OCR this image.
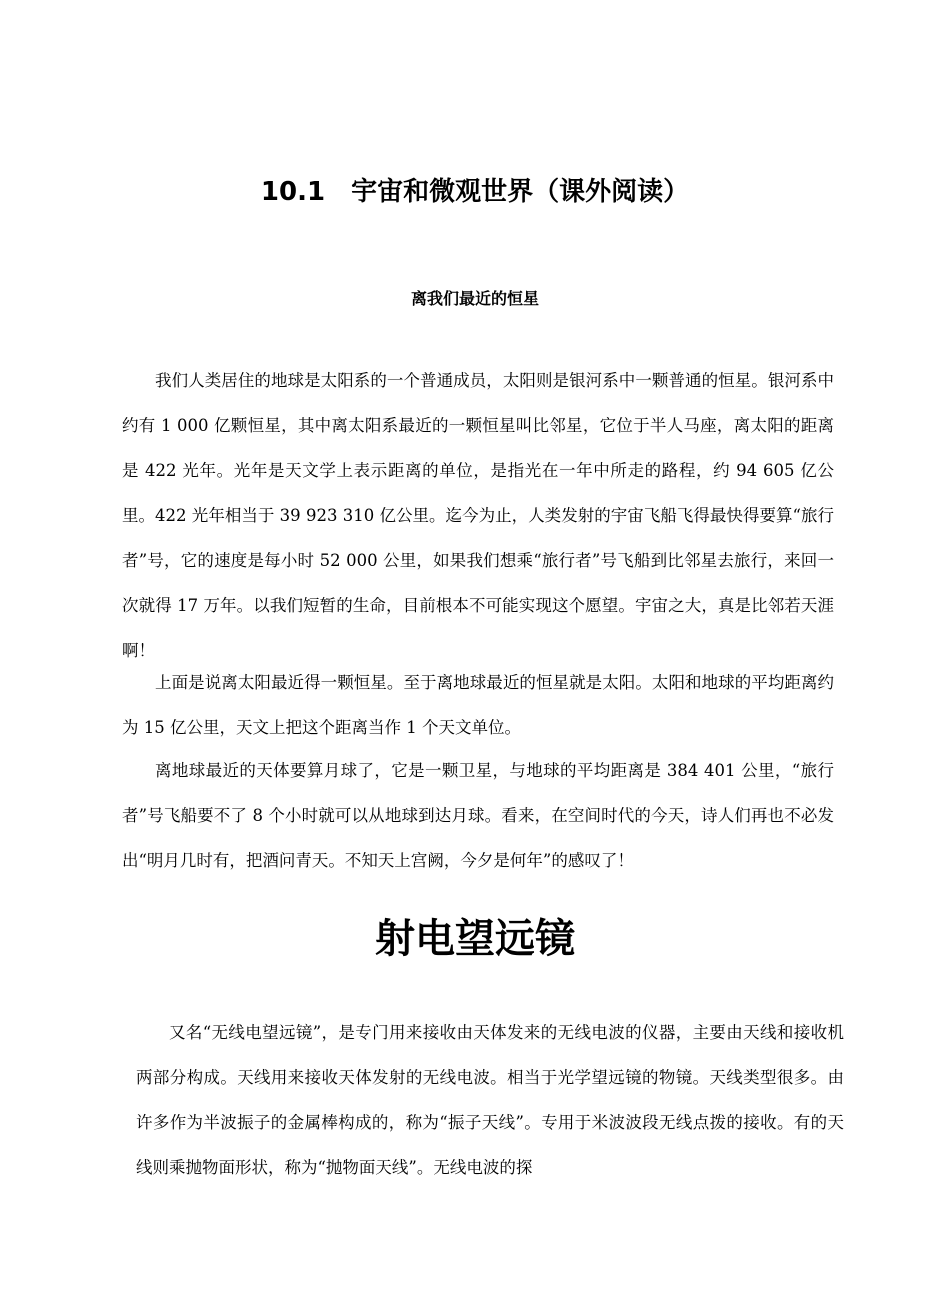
10.1　宇宙和微观世界（课外阅读）
离我们最近的恒星

我们人类居住的地球是太阳系的一个普通成员，太阳则是银河系中一颗普通的恒星。银河系中约有 1 000 亿颗恒星，其中离太阳系最近的一颗恒星叫比邻星，它位于半人马座，离太阳的距离是 422 光年。光年是天文学上表示距离的单位，是指光在一年中所走的路程，约 94 605 亿公里。422 光年相当于 39 923 310 亿公里。迄今为止，人类发射的宇宙飞船飞得最快得要算“旅行者”号，它的速度是每小时 52 000 公里，如果我们想乘“旅行者”号飞船到比邻星去旅行，来回一次就得 17 万年。以我们短暂的生命，目前根本不可能实现这个愿望。宇宙之大，真是比邻若天涯啊！

上面是说离太阳最近得一颗恒星。至于离地球最近的恒星就是太阳。太阳和地球的平均距离约为 15 亿公里，天文上把这个距离当作 1 个天文单位。

离地球最近的天体要算月球了，它是一颗卫星，与地球的平均距离是 384 401 公里，“旅行者”号飞船要不了 8 个小时就可以从地球到达月球。看来，在空间时代的今天，诗人们再也不必发出“明月几时有，把酒问青天。不知天上宫阙，今夕是何年”的感叹了！

射电望远镜

又名“无线电望远镜”，是专门用来接收由天体发来的无线电波的仪器，主要由天线和接收机两部分构成。天线用来接收天体发射的无线电波。相当于光学望远镜的物镜。天线类型很多。由许多作为半波振子的金属棒构成的，称为“振子天线”。专用于米波波段无线点拨的接收。有的天线则乘抛物面形状，称为“抛物面天线”。无线电波的探
